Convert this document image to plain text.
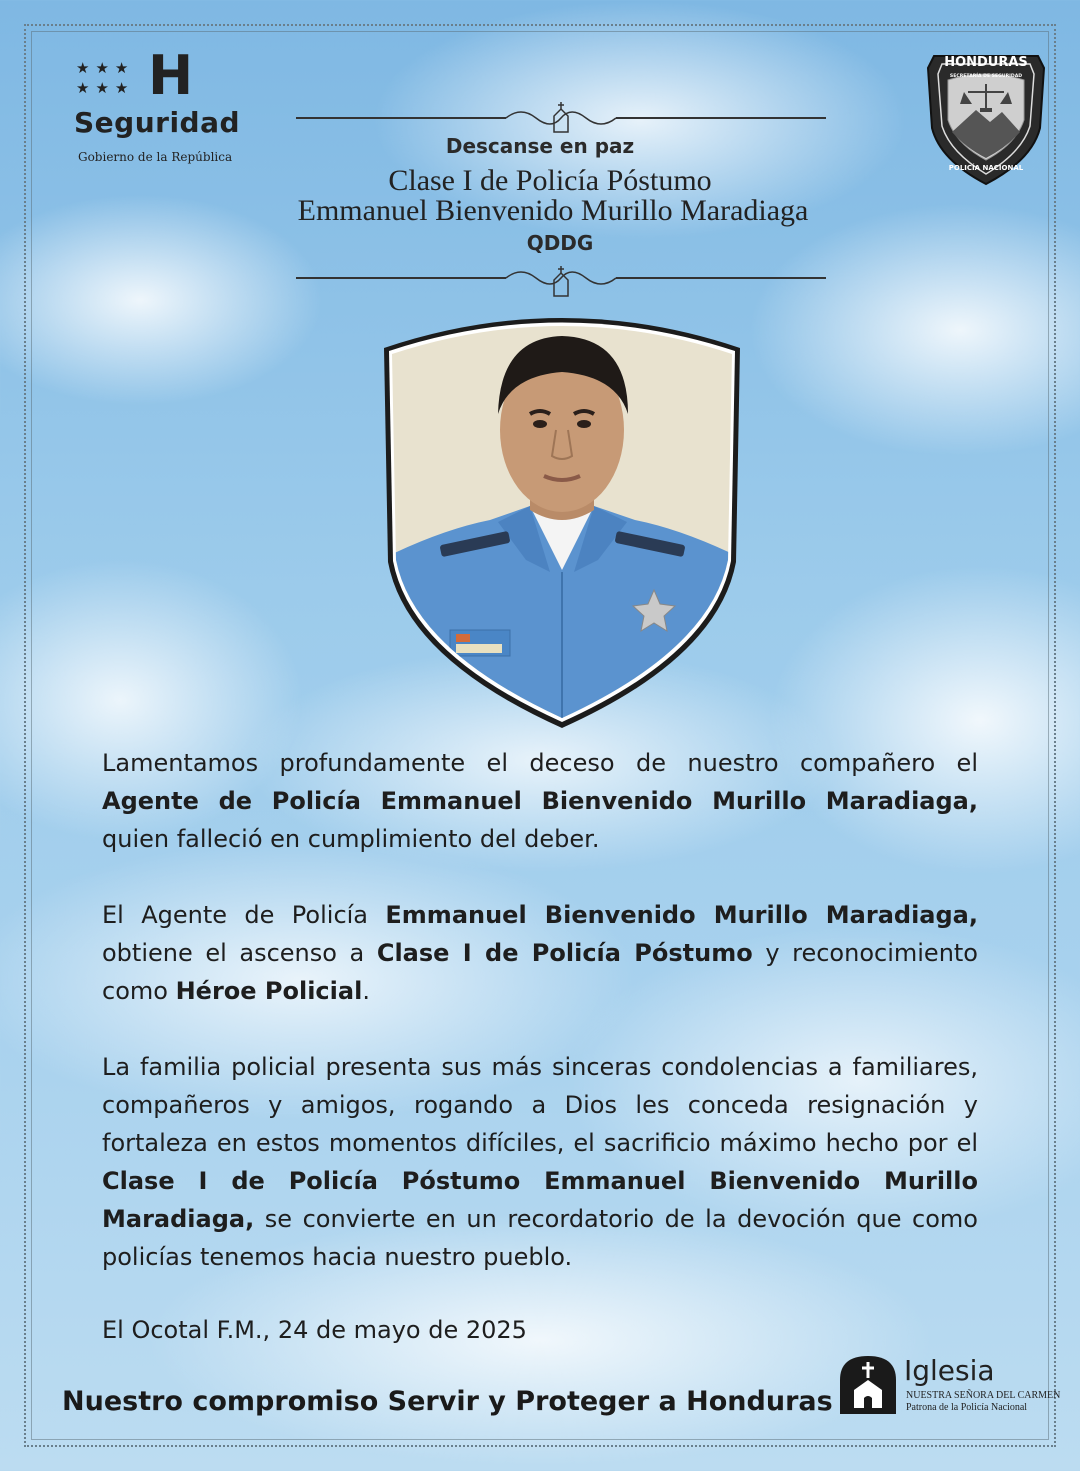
★★★
★★★ H
Seguridad
Gobierno de la República
HONDURAS
SECRETARÍA DE SEGURIDAD
POLICÍA NACIONAL
Descanse en paz
Clase I de Policía Póstumo
Emmanuel Bienvenido Murillo Maradiaga
QDDG
Lamentamos profundamente el deceso de nuestro compañero el Agente de Policía Emmanuel Bienvenido Murillo Maradiaga, quien falleció en cumplimiento del deber.
El Agente de Policía Emmanuel Bienvenido Murillo Maradiaga, obtiene el ascenso a Clase I de Policía Póstumo y reconocimiento como Héroe Policial.
La familia policial presenta sus más sinceras condolencias a familiares, compañeros y amigos, rogando a Dios les conceda resignación y fortaleza en estos momentos difíciles, el sacrificio máximo hecho por el Clase I de Policía Póstumo Emmanuel Bienvenido Murillo Maradiaga, se convierte en un recordatorio de la devoción que como policías tenemos hacia nuestro pueblo.
El Ocotal F.M., 24 de mayo de 2025
Nuestro compromiso Servir y Proteger a Honduras
Iglesia
NUESTRA SEÑORA DEL CARMEN
Patrona de la Policía Nacional
